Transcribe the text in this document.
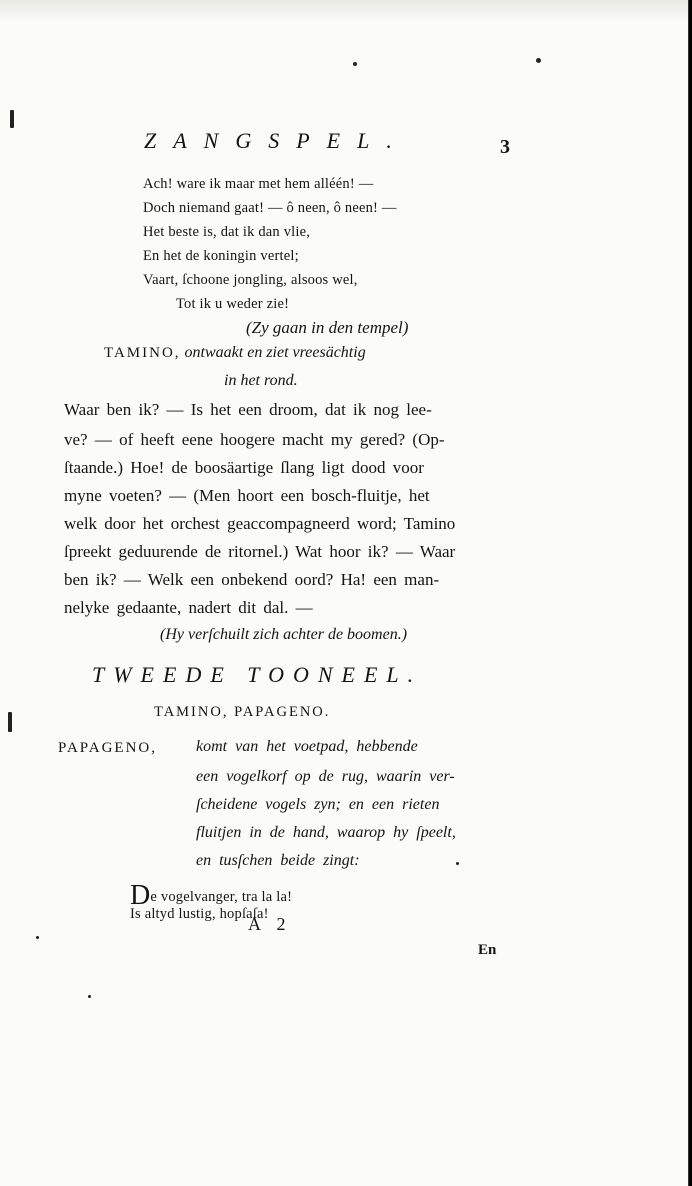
ZANGSPEL.	3
Ach! ware ik maar met hem alléén! —
Doch niemand gaat! — ô neen, ô neen! —
Het beste is, dat ik dan vlie,
En het de koningin vertel;
Vaart, ſchoone jongling, alsoos wel,
Tot ik u weder zie!
(Zy gaan in den tempel)
TAMINO, ontwaakt en ziet vreesächtig
in het rond.
Waar ben ik? — Is het een droom, dat ik nog lee-
ve? — of heeft eene hoogere macht my gered? (Op-
ſtaande.) Hoe! de boosäartige ſlang ligt dood voor
myne voeten? — (Men hoort een bosch-fluitje, het
welk door het orchest geaccompagneerd word; Tamino
ſpreekt geduurende de ritornel.) Wat hoor ik? — Waar
ben ik? — Welk een onbekend oord? Ha! een man-
nelyke gedaante, nadert dit dal. —
(Hy verſchuilt zich achter de boomen.)
TWEEDE TOONEEL.
TAMINO, PAPAGENO.
PAPAGENO, komt van het voetpad, hebbende
een vogelkorf op de rug, waarin ver-
ſcheidene vogels zyn; en een rieten
fluitjen in de hand, waarop hy ſpeelt,
en tusſchen beide zingt:
De vogelvanger, tra la la!
Is altyd lustig, hopſaſa!
A 2
En
